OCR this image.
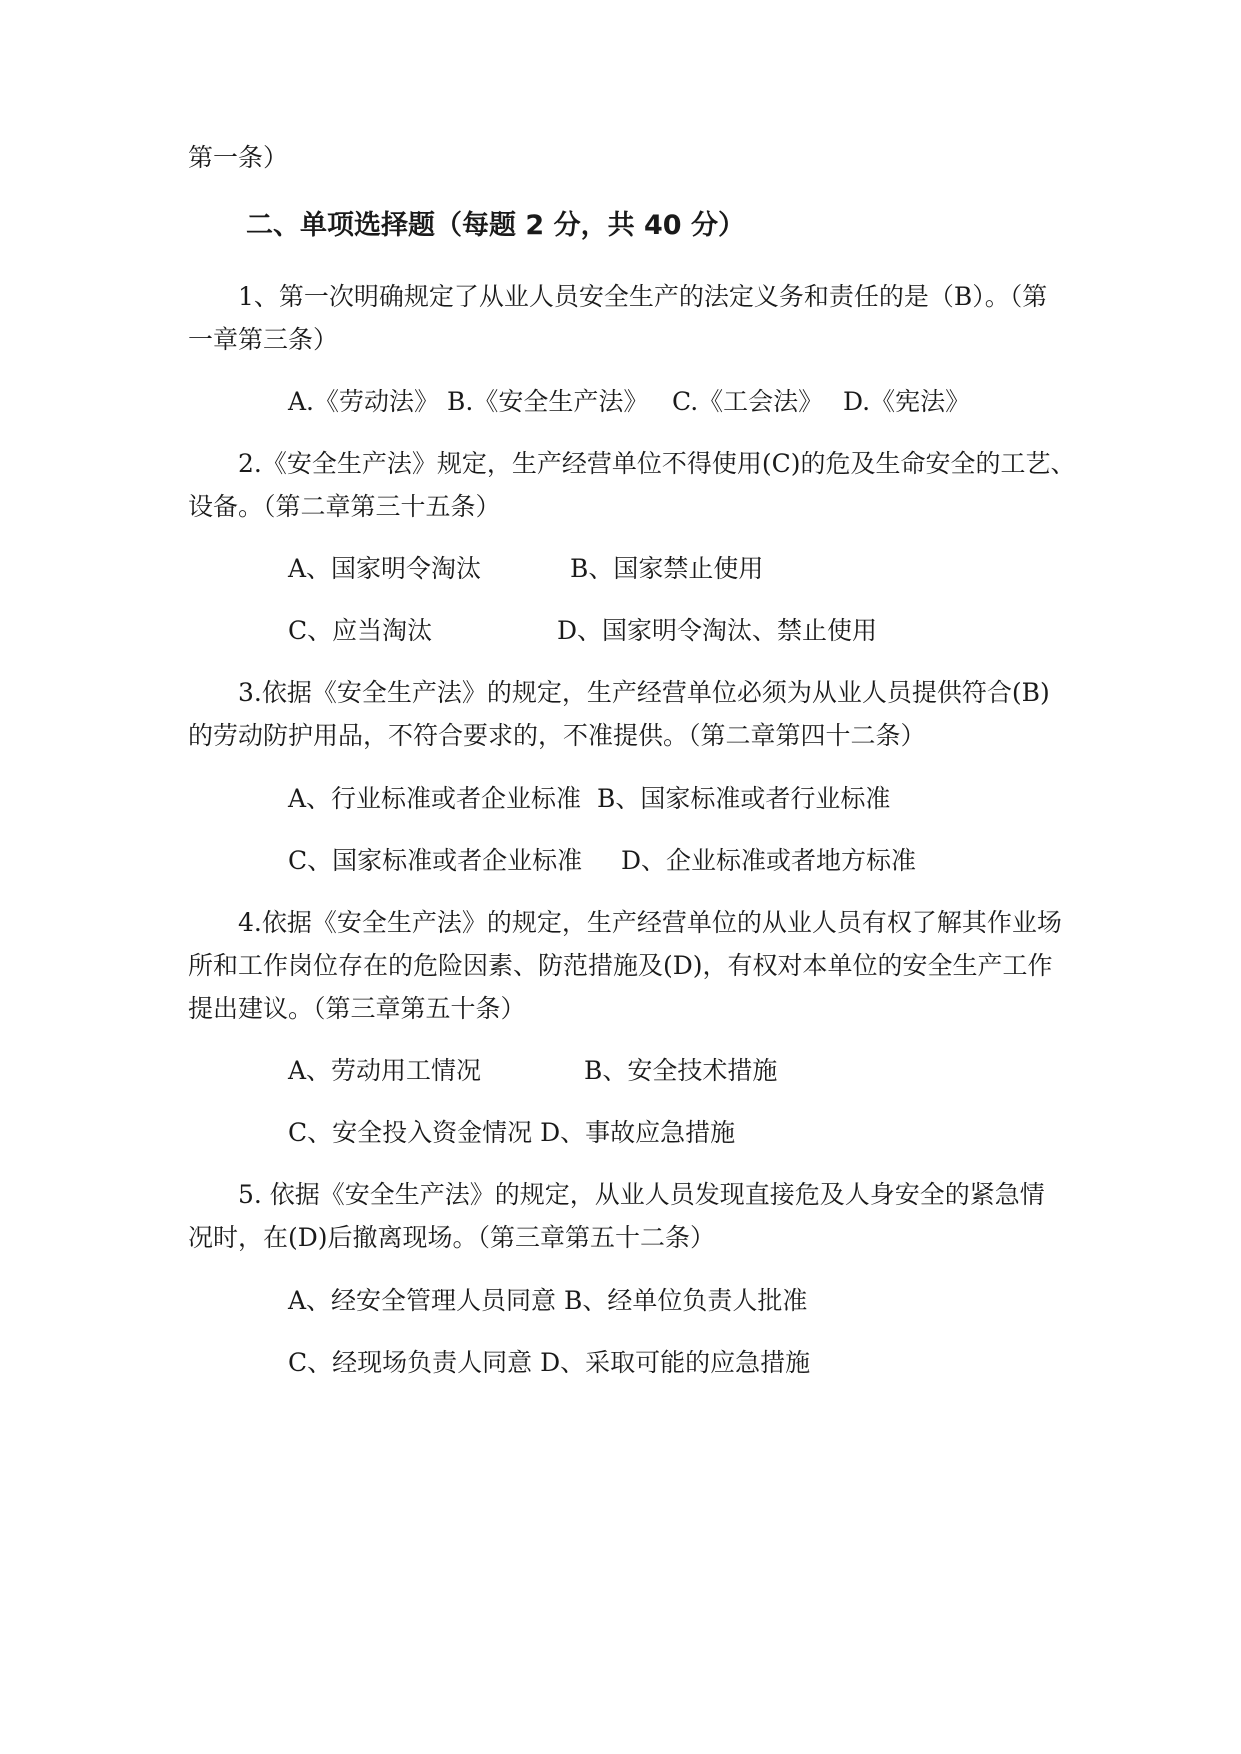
第一条）
二、单项选择题（每题 2 分，共 40 分）
1、第一次明确规定了从业人员安全生产的法定义务和责任的是（B）。（第
一章第三条）
A.《劳动法》 B.《安全生产法》 C.《工会法》 D.《宪法》
2.《安全生产法》规定，生产经营单位不得使用(C)的危及生命安全的工艺、
设备。（第二章第三十五条）
A、国家明令淘汰	B、国家禁止使用
C、应当淘汰	D、国家明令淘汰、禁止使用
3.依据《安全生产法》的规定，生产经营单位必须为从业人员提供符合(B)
的劳动防护用品，不符合要求的，不准提供。（第二章第四十二条）
A、行业标准或者企业标准 B、国家标准或者行业标准
C、国家标准或者企业标准 D、企业标准或者地方标准
4.依据《安全生产法》的规定，生产经营单位的从业人员有权了解其作业场
所和工作岗位存在的危险因素、防范措施及(D)，有权对本单位的安全生产工作
提出建议。（第三章第五十条）
A、劳动用工情况	B、安全技术措施
C、安全投入资金情况 D、事故应急措施
5. 依据《安全生产法》的规定，从业人员发现直接危及人身安全的紧急情
况时，在(D)后撤离现场。（第三章第五十二条）
A、经安全管理人员同意 B、经单位负责人批准
C、经现场负责人同意 D、采取可能的应急措施
